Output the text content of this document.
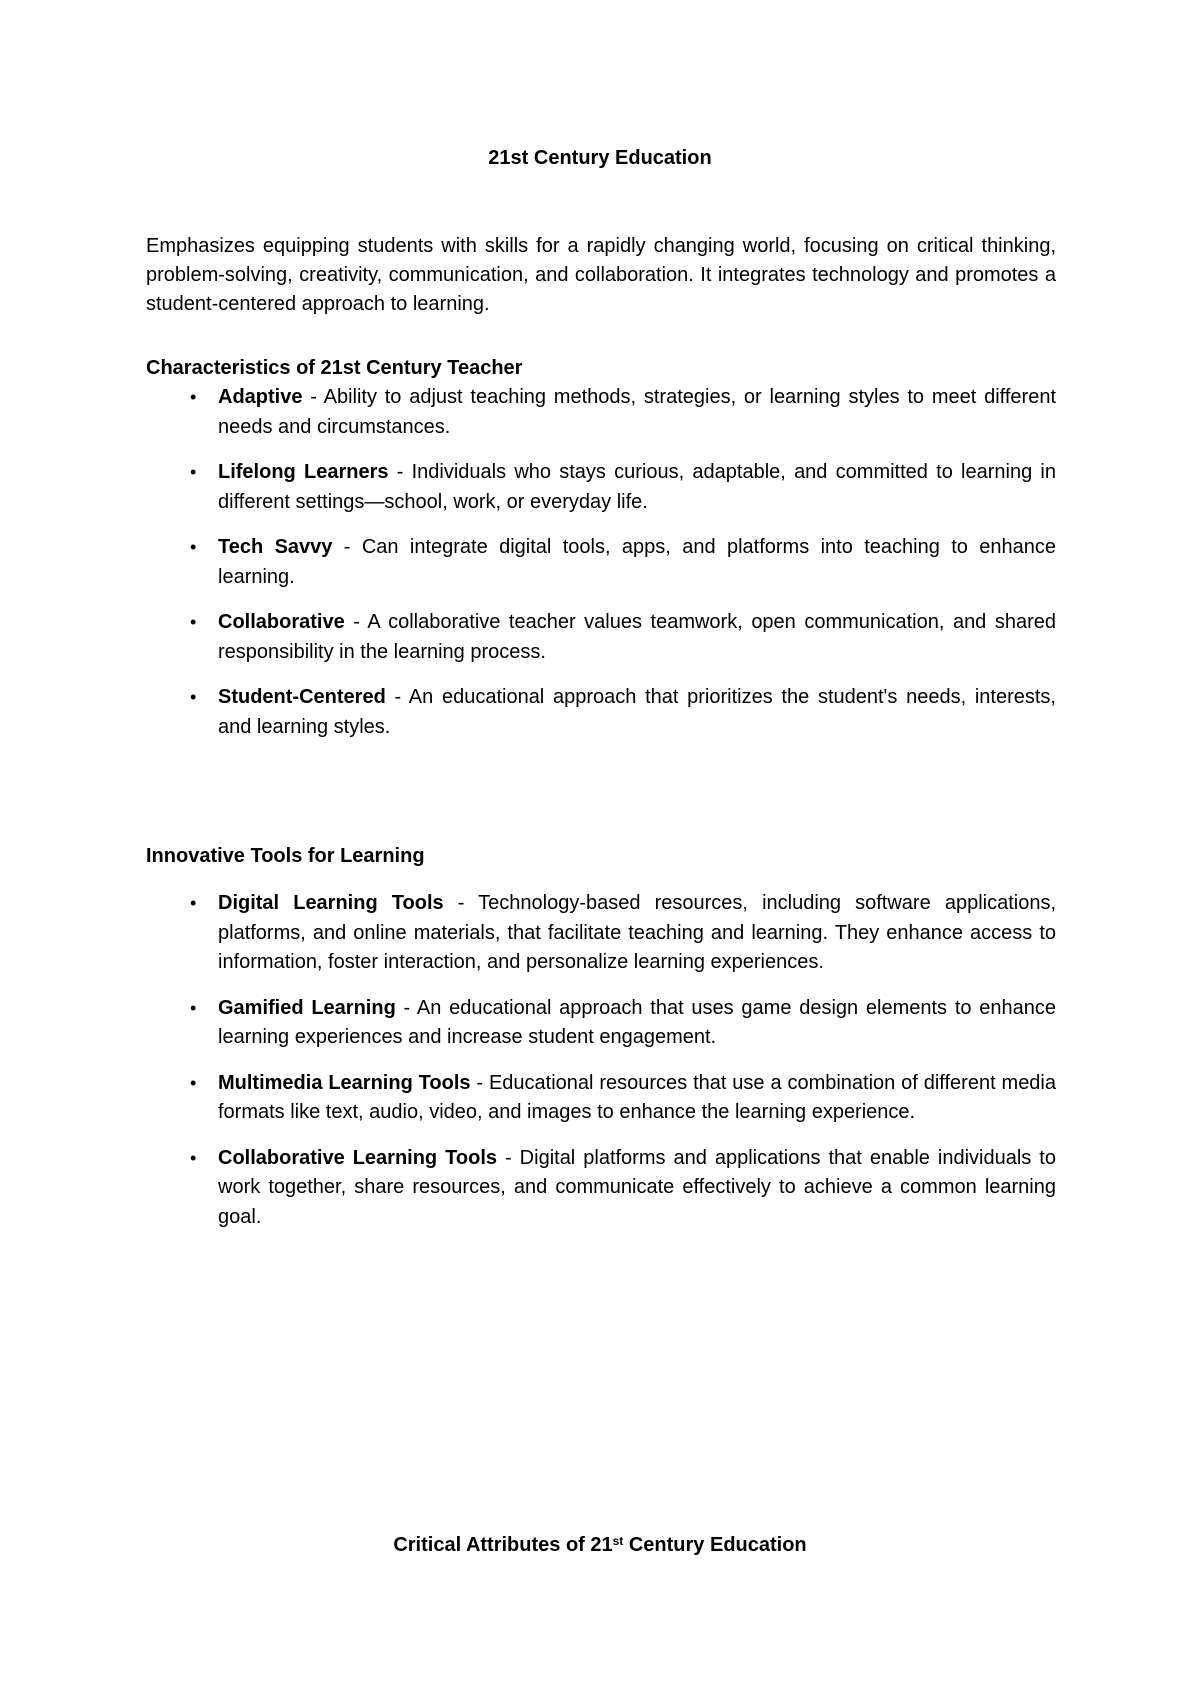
21st Century Education
Emphasizes equipping students with skills for a rapidly changing world, focusing on critical thinking, problem-solving, creativity, communication, and collaboration. It integrates technology and promotes a student-centered approach to learning.
Characteristics of 21st Century Teacher
• Adaptive - Ability to adjust teaching methods, strategies, or learning styles to meet different needs and circumstances.
• Lifelong Learners - Individuals who stays curious, adaptable, and committed to learning in different settings—school, work, or everyday life.
• Tech Savvy - Can integrate digital tools, apps, and platforms into teaching to enhance learning.
• Collaborative - A collaborative teacher values teamwork, open communication, and shared responsibility in the learning process.
• Student-Centered - An educational approach that prioritizes the student's needs, interests, and learning styles.
Innovative Tools for Learning
• Digital Learning Tools - Technology-based resources, including software applications, platforms, and online materials, that facilitate teaching and learning. They enhance access to information, foster interaction, and personalize learning experiences.
• Gamified Learning - An educational approach that uses game design elements to enhance learning experiences and increase student engagement.
• Multimedia Learning Tools - Educational resources that use a combination of different media formats like text, audio, video, and images to enhance the learning experience.
• Collaborative Learning Tools - Digital platforms and applications that enable individuals to work together, share resources, and communicate effectively to achieve a common learning goal.
Critical Attributes of 21st Century Education
